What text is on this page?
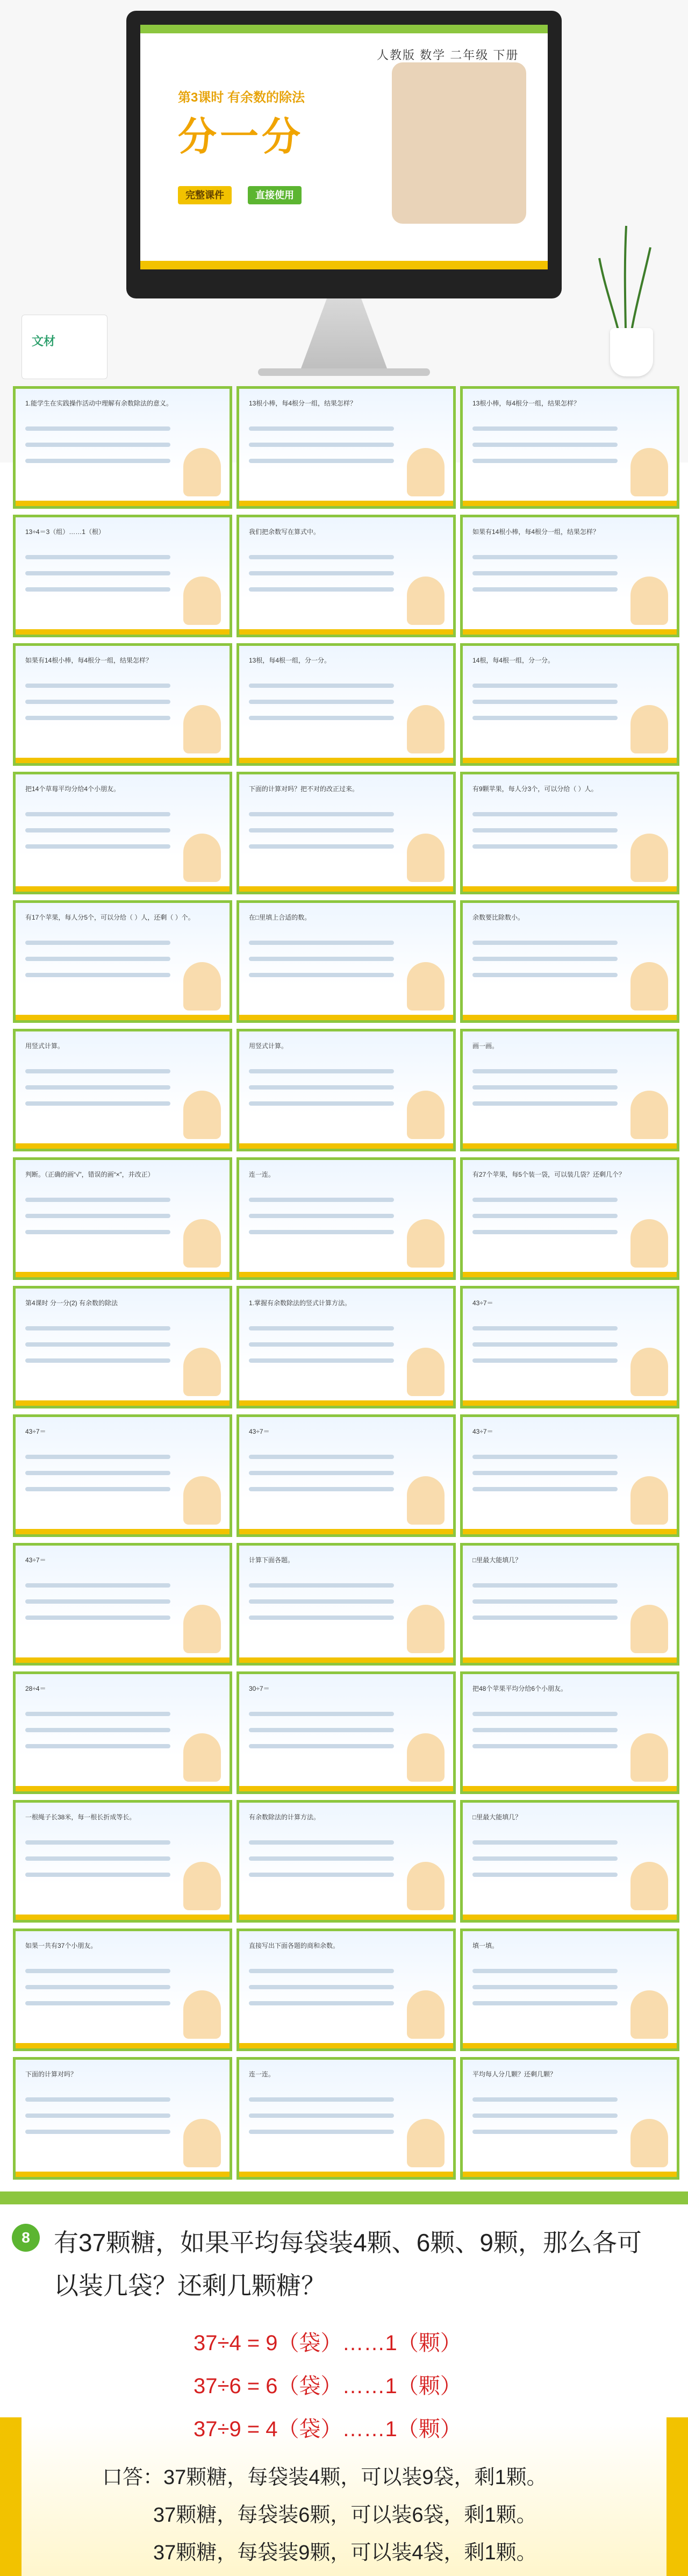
人教版 数学 二年级 下册
第3课时 有余数的除法
分一分
完整课件	直接使用
文材
1.能学生在实践操作活动中理解有余数除法的意义。	13根小棒，每4根分一组，结果怎样？	13根小棒，每4根分一组，结果怎样？
13÷4＝3（组）……1（根）	我们把余数写在算式中。	如果有14根小棒，每4根分一组，结果怎样？
如果有14根小棒，每4根分一组，结果怎样？	13根，每4根一组，分一分。	14根，每4根一组，分一分。
把14个草莓平均分给4个小朋友。	下面的计算对吗？把不对的改正过来。	有9颗苹果，每人分3个，可以分给（ ）人。
有17个苹果，每人分5个，可以分给（ ）人，还剩（ ）个。	在□里填上合适的数。	余数要比除数小。
用竖式计算。	用竖式计算。	画一画。
判断。（正确的画“√”，错误的画“×”，并改正）	连一连。	有27个苹果，每5个装一袋，可以装几袋？还剩几个？
第4课时 分一分(2) 有余数的除法	1.掌握有余数除法的竖式计算方法。	43÷7＝
43÷7＝	43÷7＝	43÷7＝
43÷7＝	计算下面各题。	□里最大能填几？
28÷4＝	30÷7＝	把48个苹果平均分给6个小朋友。
一根绳子长38米，每一根长折成等长。	有余数除法的计算方法。	□里最大能填几？
如果一共有37个小朋友。	直接写出下面各题的商和余数。	填一填。
下面的计算对吗？	连一连。	平均每人分几颗？还剩几颗？
8 有37颗糖，如果平均每袋装4颗、6颗、9颗，那么各可以装几袋？还剩几颗糖？
37÷4 = 9（袋）……1（颗）
37÷6 = 6（袋）……1（颗）
37÷9 = 4（袋）……1（颗）
口答：37颗糖，每袋装4颗，可以装9袋，剩1颗。
37颗糖，每袋装6颗，可以装6袋，剩1颗。
37颗糖，每袋装9颗，可以装4袋，剩1颗。
